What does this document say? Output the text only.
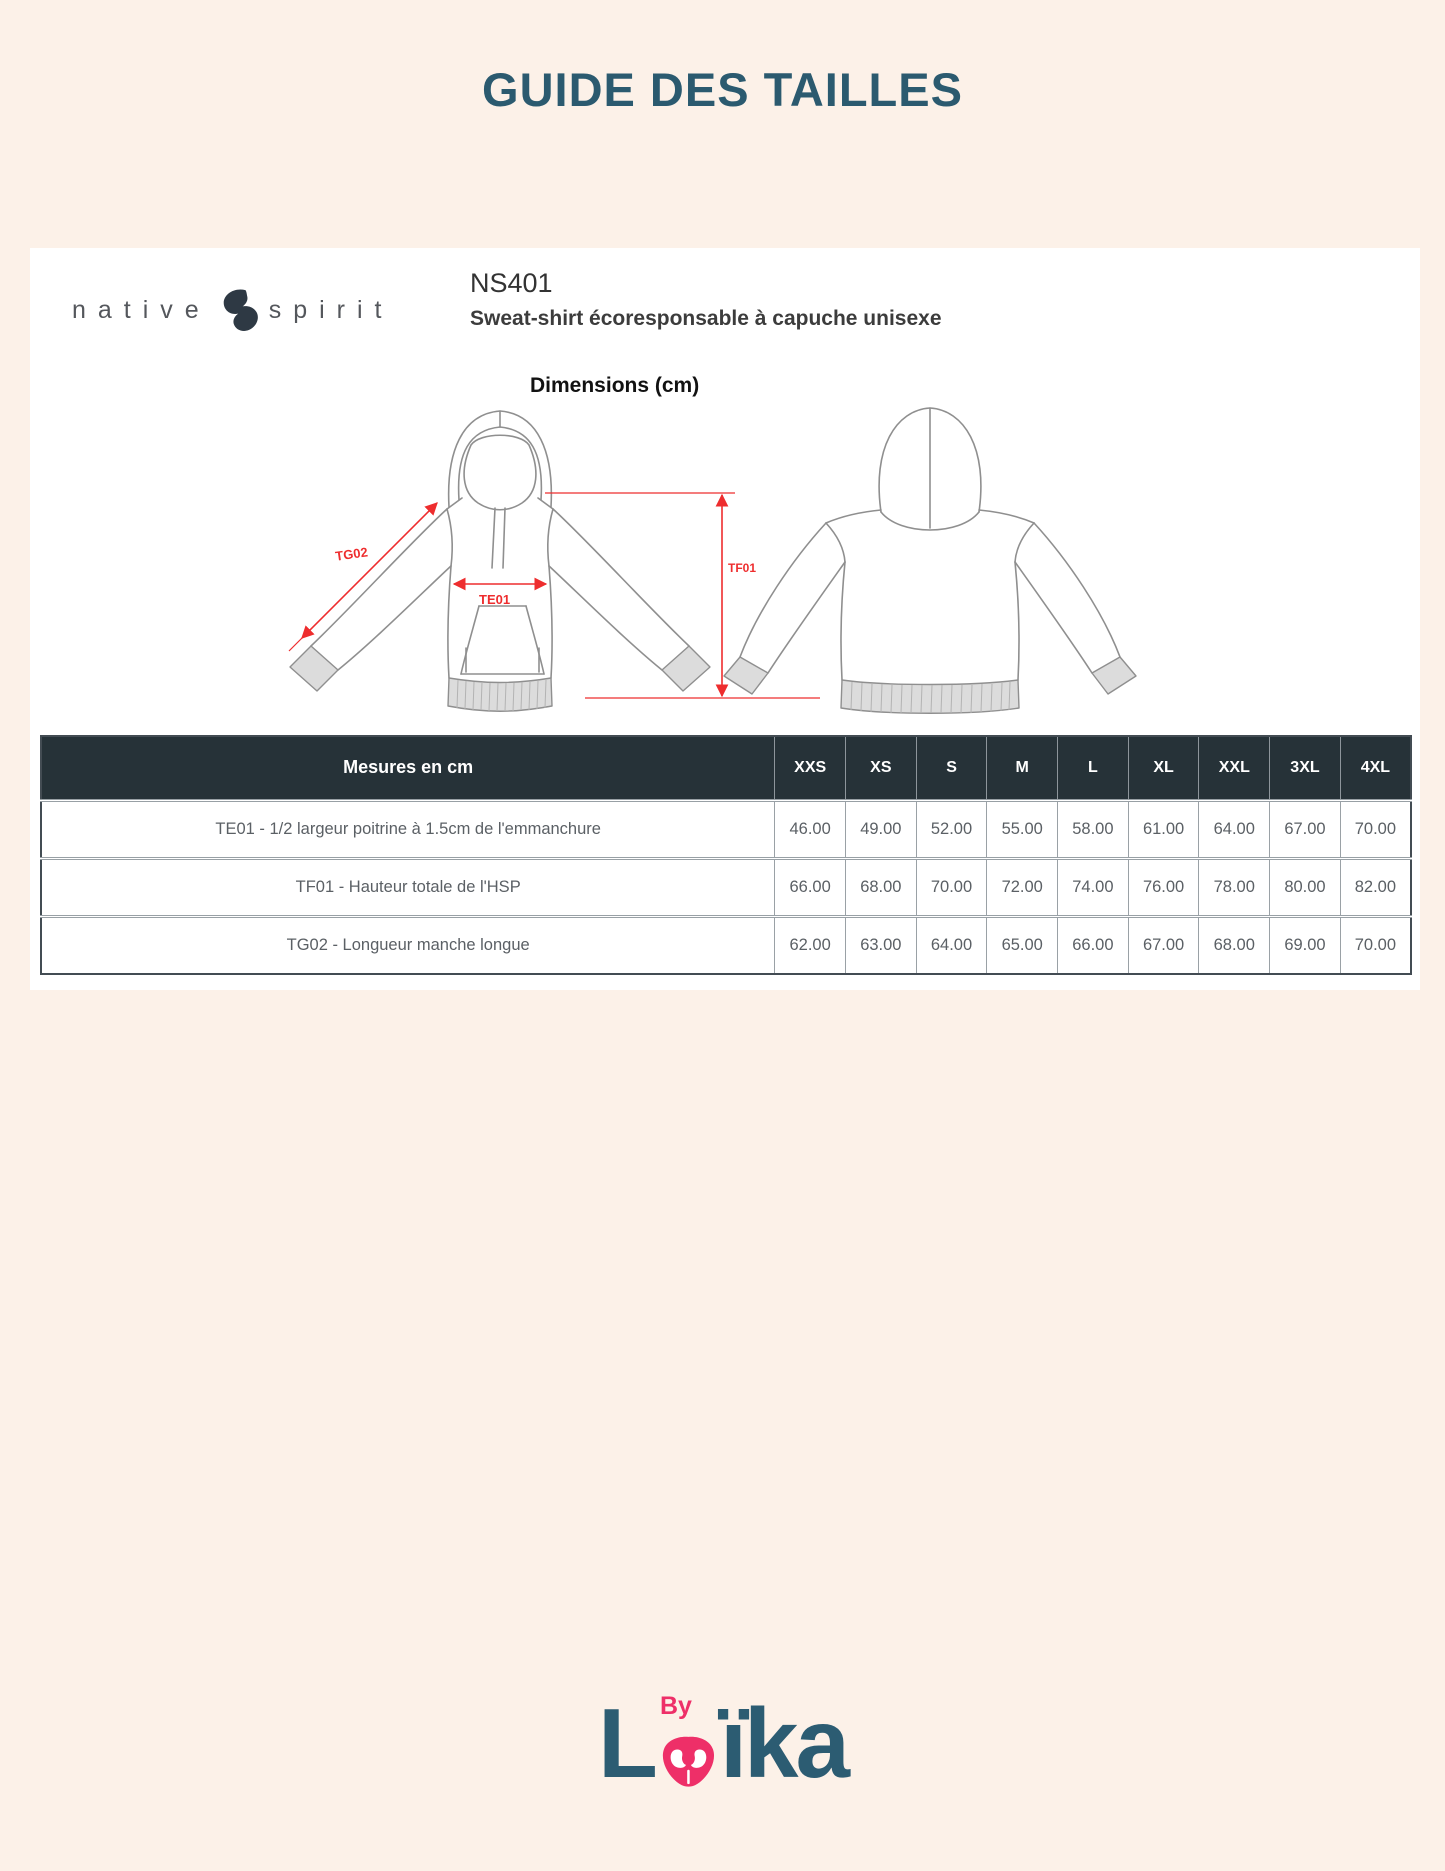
GUIDE DES TAILLES
native spirit
NS401
Sweat-shirt écoresponsable à capuche unisexe
Dimensions (cm)
TG02
TE01
TF01
Mesures en cm	XXS	XS	S	M	L	XL	XXL	3XL	4XL
TE01 - 1/2 largeur poitrine à 1.5cm de l'emmanchure	46.00	49.00	52.00	55.00	58.00	61.00	64.00	67.00	70.00
TF01 - Hauteur totale de l'HSP	66.00	68.00	70.00	72.00	74.00	76.00	78.00	80.00	82.00
TG02 - Longueur manche longue	62.00	63.00	64.00	65.00	66.00	67.00	68.00	69.00	70.00
By
L ïka
